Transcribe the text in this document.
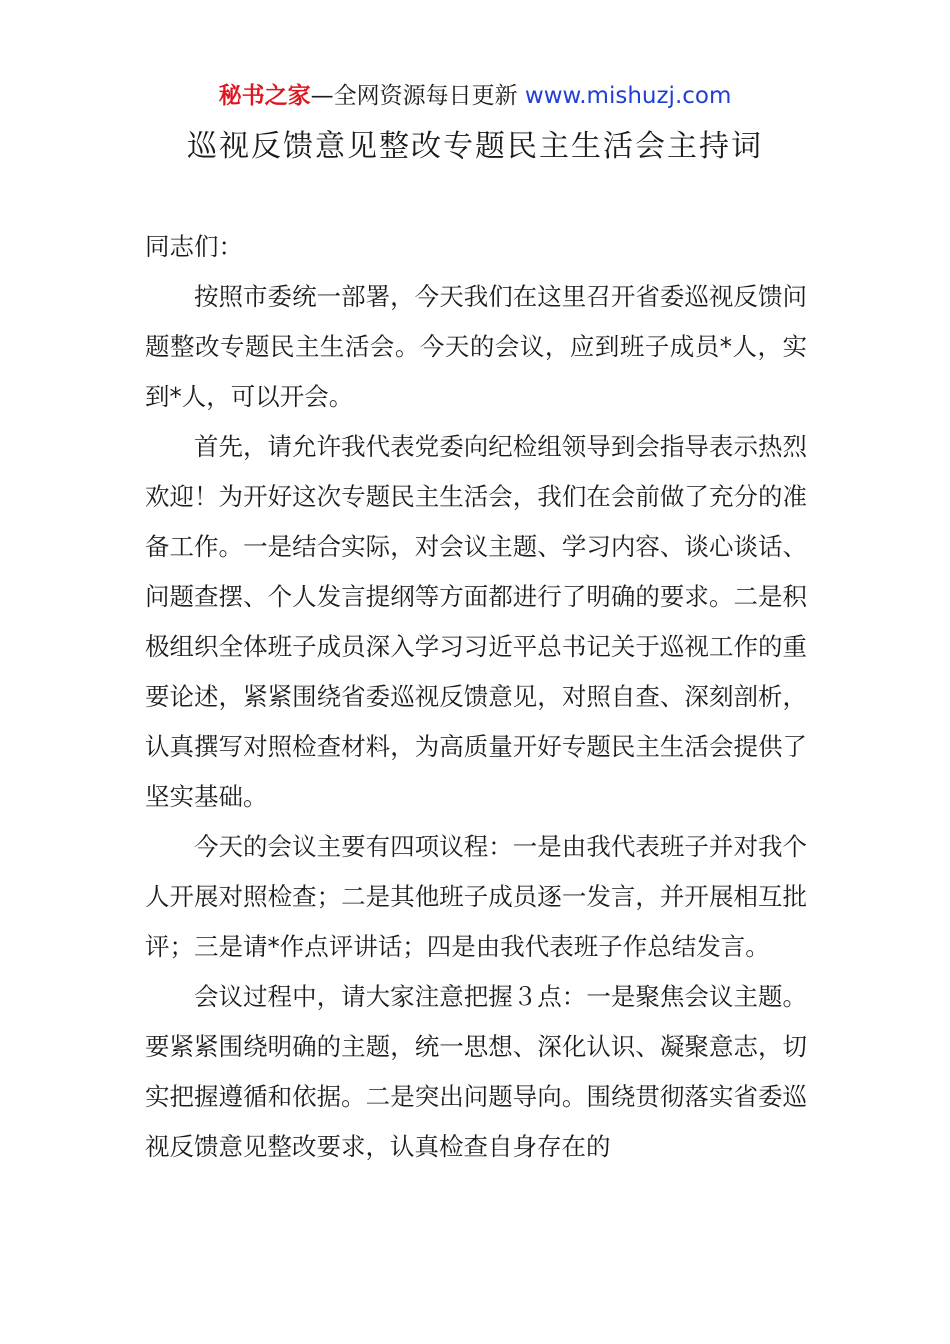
秘书之家—全网资源每日更新 www.mishuzj.com
巡视反馈意见整改专题民主生活会主持词

同志们：

按照市委统一部署，今天我们在这里召开省委巡视反馈问题整改专题民主生活会。今天的会议，应到班子成员*人，实到*人，可以开会。

首先，请允许我代表党委向纪检组领导到会指导表示热烈欢迎！为开好这次专题民主生活会，我们在会前做了充分的准备工作。一是结合实际，对会议主题、学习内容、谈心谈话、问题查摆、个人发言提纲等方面都进行了明确的要求。二是积极组织全体班子成员深入学习习近平总书记关于巡视工作的重要论述，紧紧围绕省委巡视反馈意见，对照自查、深刻剖析，认真撰写对照检查材料，为高质量开好专题民主生活会提供了坚实基础。

今天的会议主要有四项议程：一是由我代表班子并对我个人开展对照检查；二是其他班子成员逐一发言，并开展相互批评；三是请*作点评讲话；四是由我代表班子作总结发言。

会议过程中，请大家注意把握３点：一是聚焦会议主题。要紧紧围绕明确的主题，统一思想、深化认识、凝聚意志，切实把握遵循和依据。二是突出问题导向。围绕贯彻落实省委巡视反馈意见整改要求，认真检查自身存在的
